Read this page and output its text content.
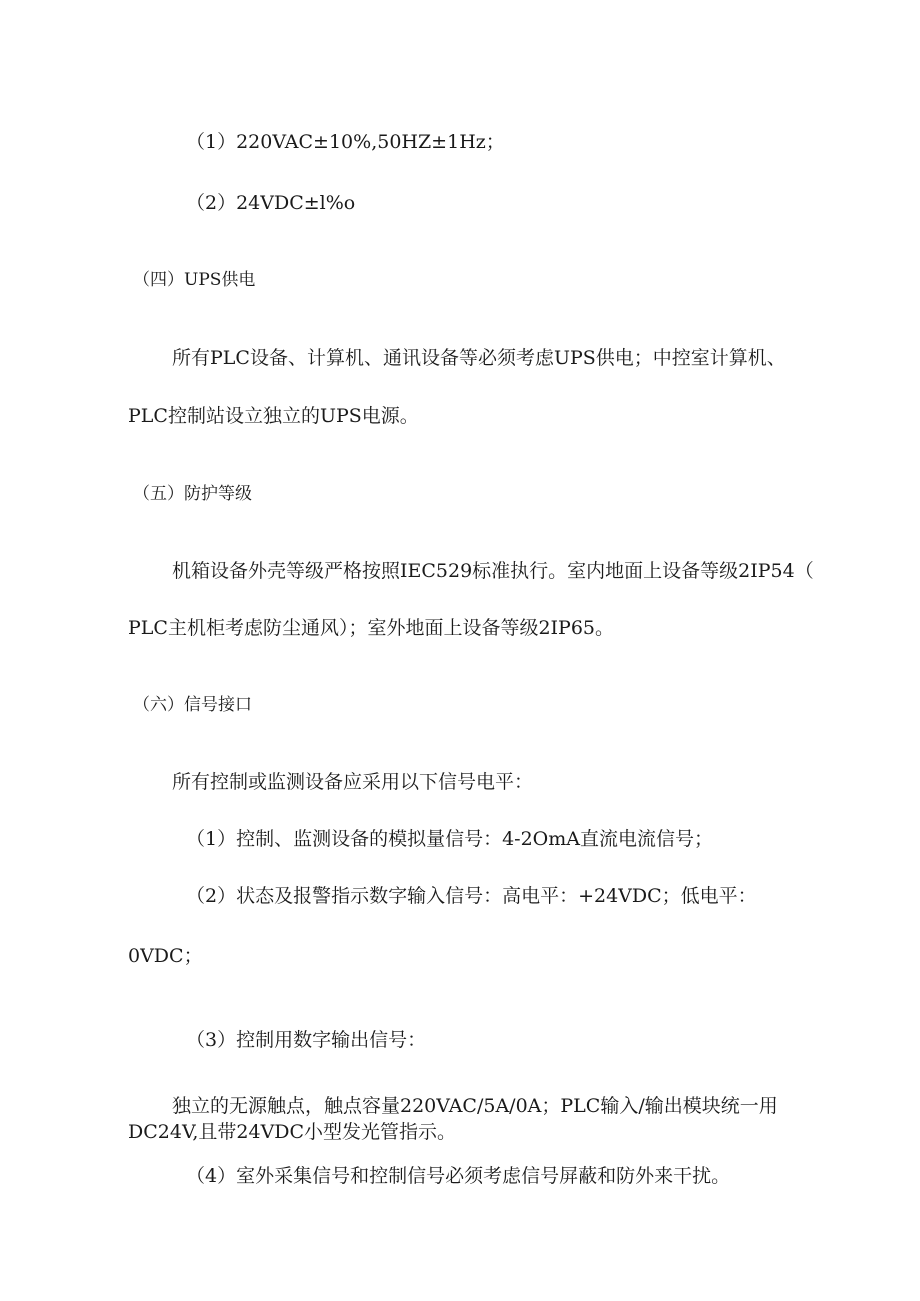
（1）220VAC±10%,50HZ±1Hz；
（2）24VDC±l%o
（四）UPS供电
所有PLC设备、计算机、通讯设备等必须考虑UPS供电；中控室计算机、
PLC控制站设立独立的UPS电源。
（五）防护等级
机箱设备外壳等级严格按照IEC529标准执行。室内地面上设备等级2IP54（
PLC主机柜考虑防尘通风）；室外地面上设备等级2IP65。
（六）信号接口
所有控制或监测设备应采用以下信号电平：
（1）控制、监测设备的模拟量信号：4-2OmA直流电流信号；
（2）状态及报警指示数字输入信号：高电平：+24VDC；低电平：
0VDC；
（3）控制用数字输出信号：
独立的无源触点，触点容量220VAC/5A/0A；PLC输入/输出模块统一用
DC24V,且带24VDC小型发光管指示。
（4）室外采集信号和控制信号必须考虑信号屏蔽和防外来干扰。
